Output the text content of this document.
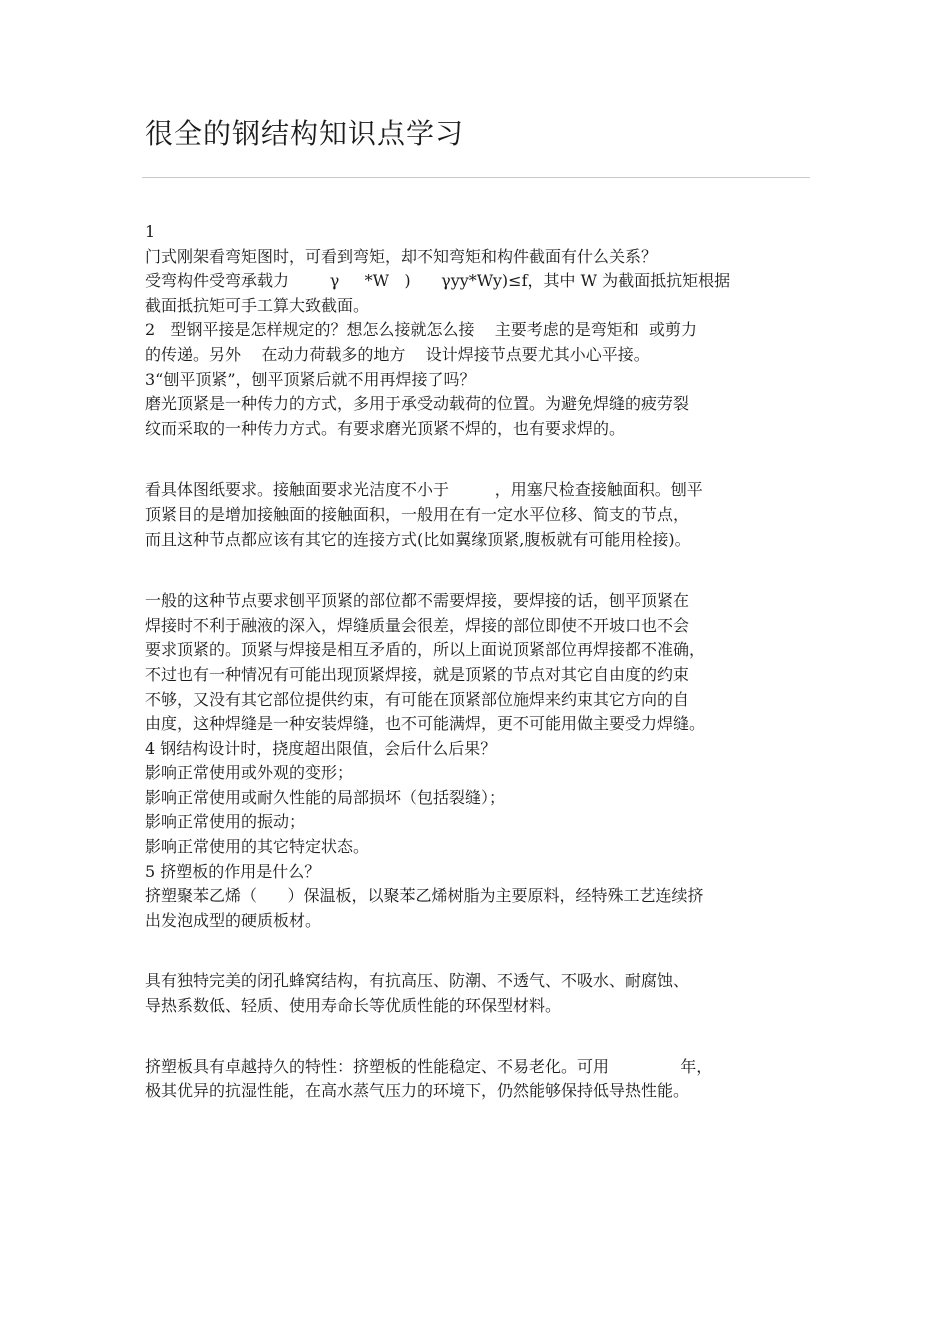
很全的钢结构知识点学习
1
门式刚架看弯矩图时，可看到弯矩，却不知弯矩和构件截面有什么关系？
受弯构件受弯承载力        γ     *W   )      γyy*Wy)≤f，其中 W 为截面抵抗矩根据
截面抵抗矩可手工算大致截面。
2   型钢平接是怎样规定的？想怎么接就怎么接    主要考虑的是弯矩和  或剪力
的传递。另外    在动力荷载多的地方    设计焊接节点要尤其小心平接。
3“刨平顶紧”，刨平顶紧后就不用再焊接了吗？
磨光顶紧是一种传力的方式，多用于承受动载荷的位置。为避免焊缝的疲劳裂
纹而采取的一种传力方式。有要求磨光顶紧不焊的，也有要求焊的。
看具体图纸要求。接触面要求光洁度不小于         ，用塞尺检查接触面积。刨平
顶紧目的是增加接触面的接触面积，一般用在有一定水平位移、简支的节点，
而且这种节点都应该有其它的连接方式(比如翼缘顶紧,腹板就有可能用栓接)。
一般的这种节点要求刨平顶紧的部位都不需要焊接，要焊接的话，刨平顶紧在
焊接时不利于融液的深入，焊缝质量会很差，焊接的部位即使不开坡口也不会
要求顶紧的。顶紧与焊接是相互矛盾的，所以上面说顶紧部位再焊接都不准确，
不过也有一种情况有可能出现顶紧焊接，就是顶紧的节点对其它自由度的约束
不够，又没有其它部位提供约束，有可能在顶紧部位施焊来约束其它方向的自
由度，这种焊缝是一种安装焊缝，也不可能满焊，更不可能用做主要受力焊缝。
4 钢结构设计时，挠度超出限值，会后什么后果？
影响正常使用或外观的变形；
影响正常使用或耐久性能的局部损坏（包括裂缝）；
影响正常使用的振动；
影响正常使用的其它特定状态。
5 挤塑板的作用是什么？
挤塑聚苯乙烯（      ）保温板，以聚苯乙烯树脂为主要原料，经特殊工艺连续挤
出发泡成型的硬质板材。
具有独特完美的闭孔蜂窝结构，有抗高压、防潮、不透气、不吸水、耐腐蚀、
导热系数低、轻质、使用寿命长等优质性能的环保型材料。
挤塑板具有卓越持久的特性：挤塑板的性能稳定、不易老化。可用              年，
极其优异的抗湿性能，在高水蒸气压力的环境下，仍然能够保持低导热性能。
